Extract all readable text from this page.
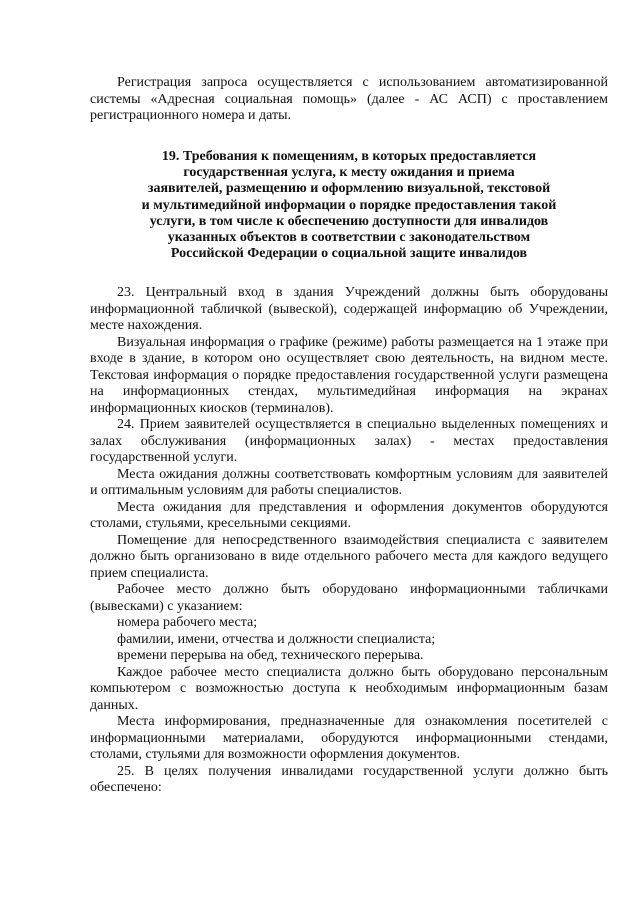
Регистрация запроса осуществляется с использованием автоматизированной системы «Адресная социальная помощь» (далее - АС АСП) с проставлением регистрационного номера и даты.

19. Требования к помещениям, в которых предоставляется
государственная услуга, к месту ожидания и приема
заявителей, размещению и оформлению визуальной, текстовой
и мультимедийной информации о порядке предоставления такой
услуги, в том числе к обеспечению доступности для инвалидов
указанных объектов в соответствии с законодательством
Российской Федерации о социальной защите инвалидов

23. Центральный вход в здания Учреждений должны быть оборудованы информационной табличкой (вывеской), содержащей информацию об Учреждении, месте нахождения.

Визуальная информация о графике (режиме) работы размещается на 1 этаже при входе в здание, в котором оно осуществляет свою деятельность, на видном месте. Текстовая информация о порядке предоставления государственной услуги размещена на информационных стендах, мультимедийная информация на экранах информационных киосков (терминалов).

24. Прием заявителей осуществляется в специально выделенных помещениях и залах обслуживания (информационных залах) - местах предоставления государственной услуги.

Места ожидания должны соответствовать комфортным условиям для заявителей и оптимальным условиям для работы специалистов.

Места ожидания для представления и оформления документов оборудуются столами, стульями, кресельными секциями.

Помещение для непосредственного взаимодействия специалиста с заявителем должно быть организовано в виде отдельного рабочего места для каждого ведущего прием специалиста.

Рабочее место должно быть оборудовано информационными табличками (вывесками) с указанием:

номера рабочего места;

фамилии, имени, отчества и должности специалиста;

времени перерыва на обед, технического перерыва.

Каждое рабочее место специалиста должно быть оборудовано персональным компьютером с возможностью доступа к необходимым информационным базам данных.

Места информирования, предназначенные для ознакомления посетителей с информационными материалами, оборудуются информационными стендами, столами, стульями для возможности оформления документов.

25. В целях получения инвалидами государственной услуги должно быть обеспечено:
